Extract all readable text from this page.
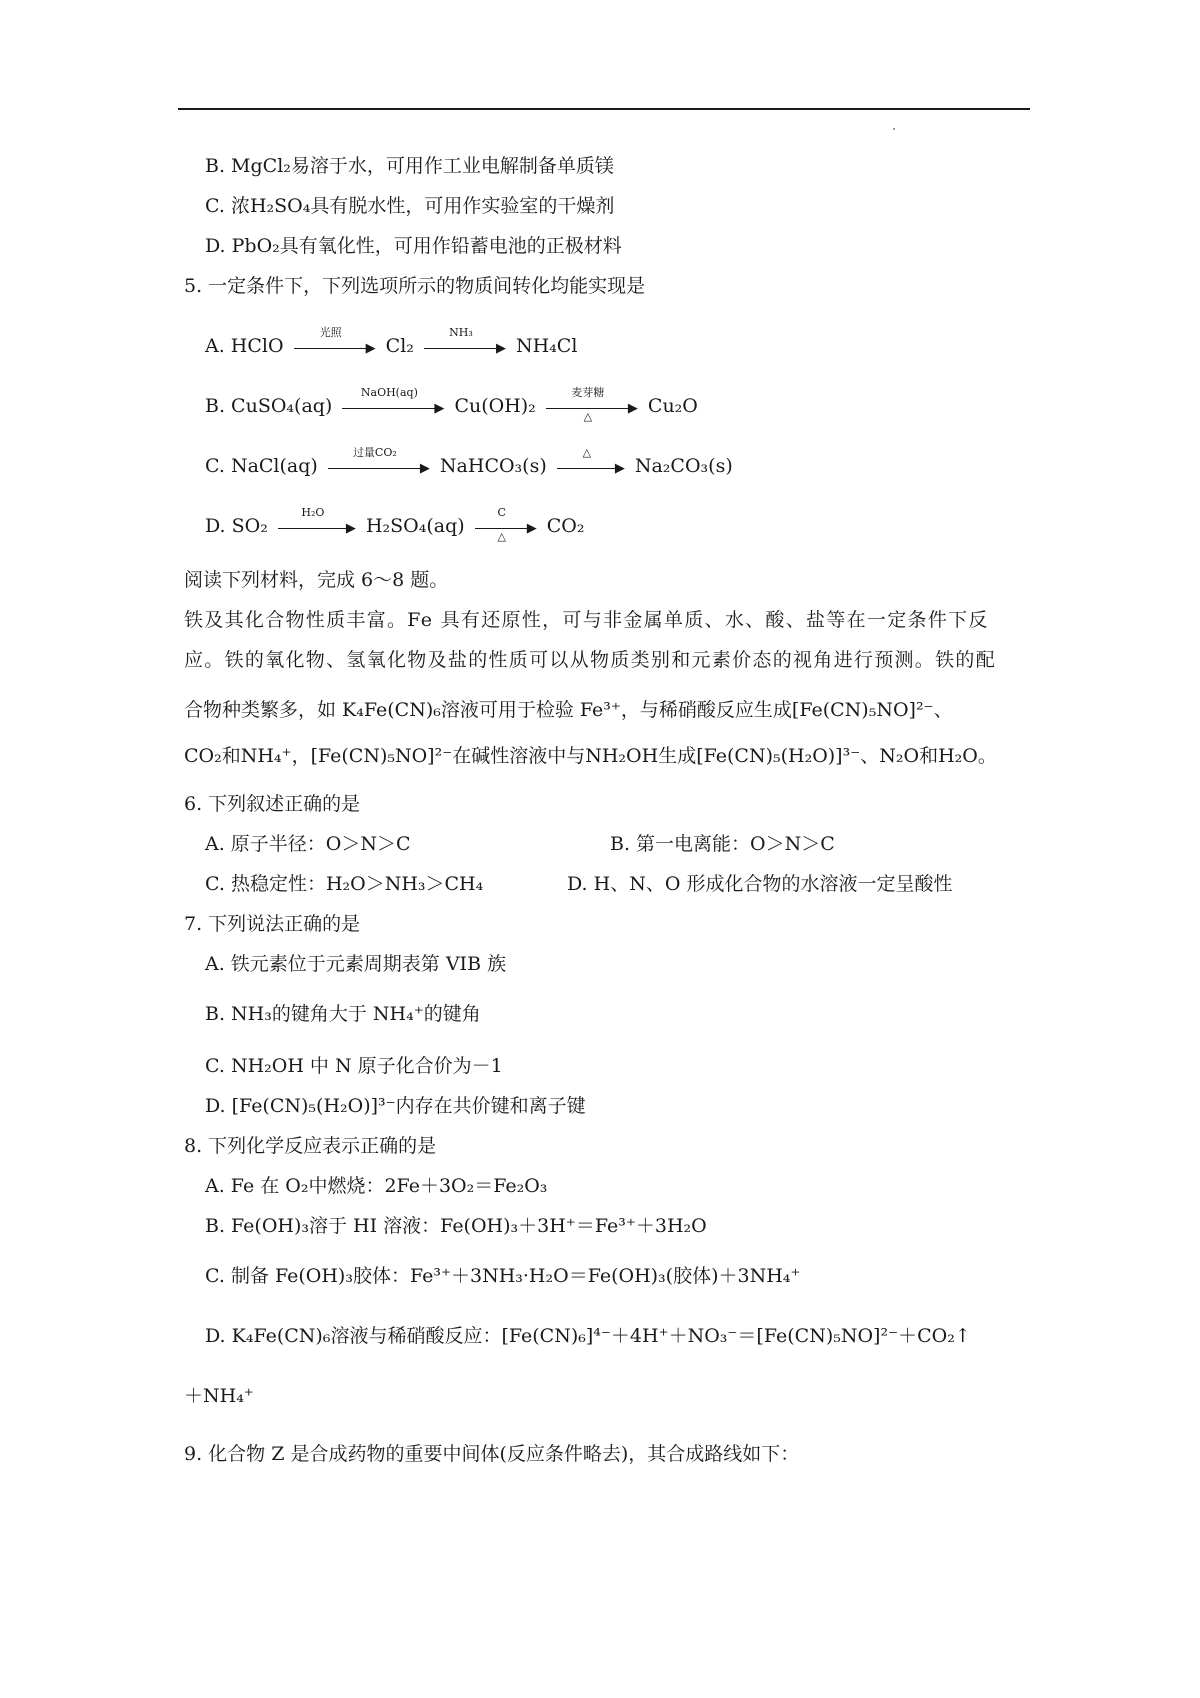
B. MgCl₂易溶于水，可用作工业电解制备单质镁
C. 浓H₂SO₄具有脱水性，可用作实验室的干燥剂
D. PbO₂具有氧化性，可用作铅蓄电池的正极材料
5. 一定条件下，下列选项所示的物质间转化均能实现是
A. HClO
光照
▶ Cl₂
NH₃
▶ NH₄Cl
B. CuSO₄(aq)
NaOH(aq)
▶ Cu(OH)₂
麦芽糖
▶
△	Cu₂O
C. NaCl(aq)
过量CO₂
▶ NaHCO₃(s)
△
▶ Na₂CO₃(s)
D. SO₂
H₂O
▶ H₂SO₄(aq)
C
▶
△	CO₂
阅读下列材料，完成 6～8 题。
铁及其化合物性质丰富。Fe 具有还原性，可与非金属单质、水、酸、盐等在一定条件下反
应。铁的氧化物、氢氧化物及盐的性质可以从物质类别和元素价态的视角进行预测。铁的配
合物种类繁多，如 K₄Fe(CN)₆溶液可用于检验 Fe³⁺，与稀硝酸反应生成[Fe(CN)₅NO]²⁻、
CO₂和NH₄⁺，[Fe(CN)₅NO]²⁻在碱性溶液中与NH₂OH生成[Fe(CN)₅(H₂O)]³⁻、N₂O和H₂O。
6. 下列叙述正确的是
A. 原子半径：O＞N＞C	B. 第一电离能：O＞N＞C
C. 热稳定性：H₂O＞NH₃＞CH₄	D. H、N、O 形成化合物的水溶液一定呈酸性
7. 下列说法正确的是
A. 铁元素位于元素周期表第 VIB 族
B. NH₃的键角大于 NH₄⁺的键角
C. NH₂OH 中 N 原子化合价为－1
D. [Fe(CN)₅(H₂O)]³⁻内存在共价键和离子键
8. 下列化学反应表示正确的是
A. Fe 在 O₂中燃烧：2Fe＋3O₂＝Fe₂O₃
B. Fe(OH)₃溶于 HI 溶液：Fe(OH)₃＋3H⁺＝Fe³⁺＋3H₂O
C. 制备 Fe(OH)₃胶体：Fe³⁺＋3NH₃·H₂O＝Fe(OH)₃(胶体)＋3NH₄⁺
D. K₄Fe(CN)₆溶液与稀硝酸反应：[Fe(CN)₆]⁴⁻＋4H⁺＋NO₃⁻＝[Fe(CN)₅NO]²⁻＋CO₂↑
＋NH₄⁺
9. 化合物 Z 是合成药物的重要中间体(反应条件略去)，其合成路线如下：
